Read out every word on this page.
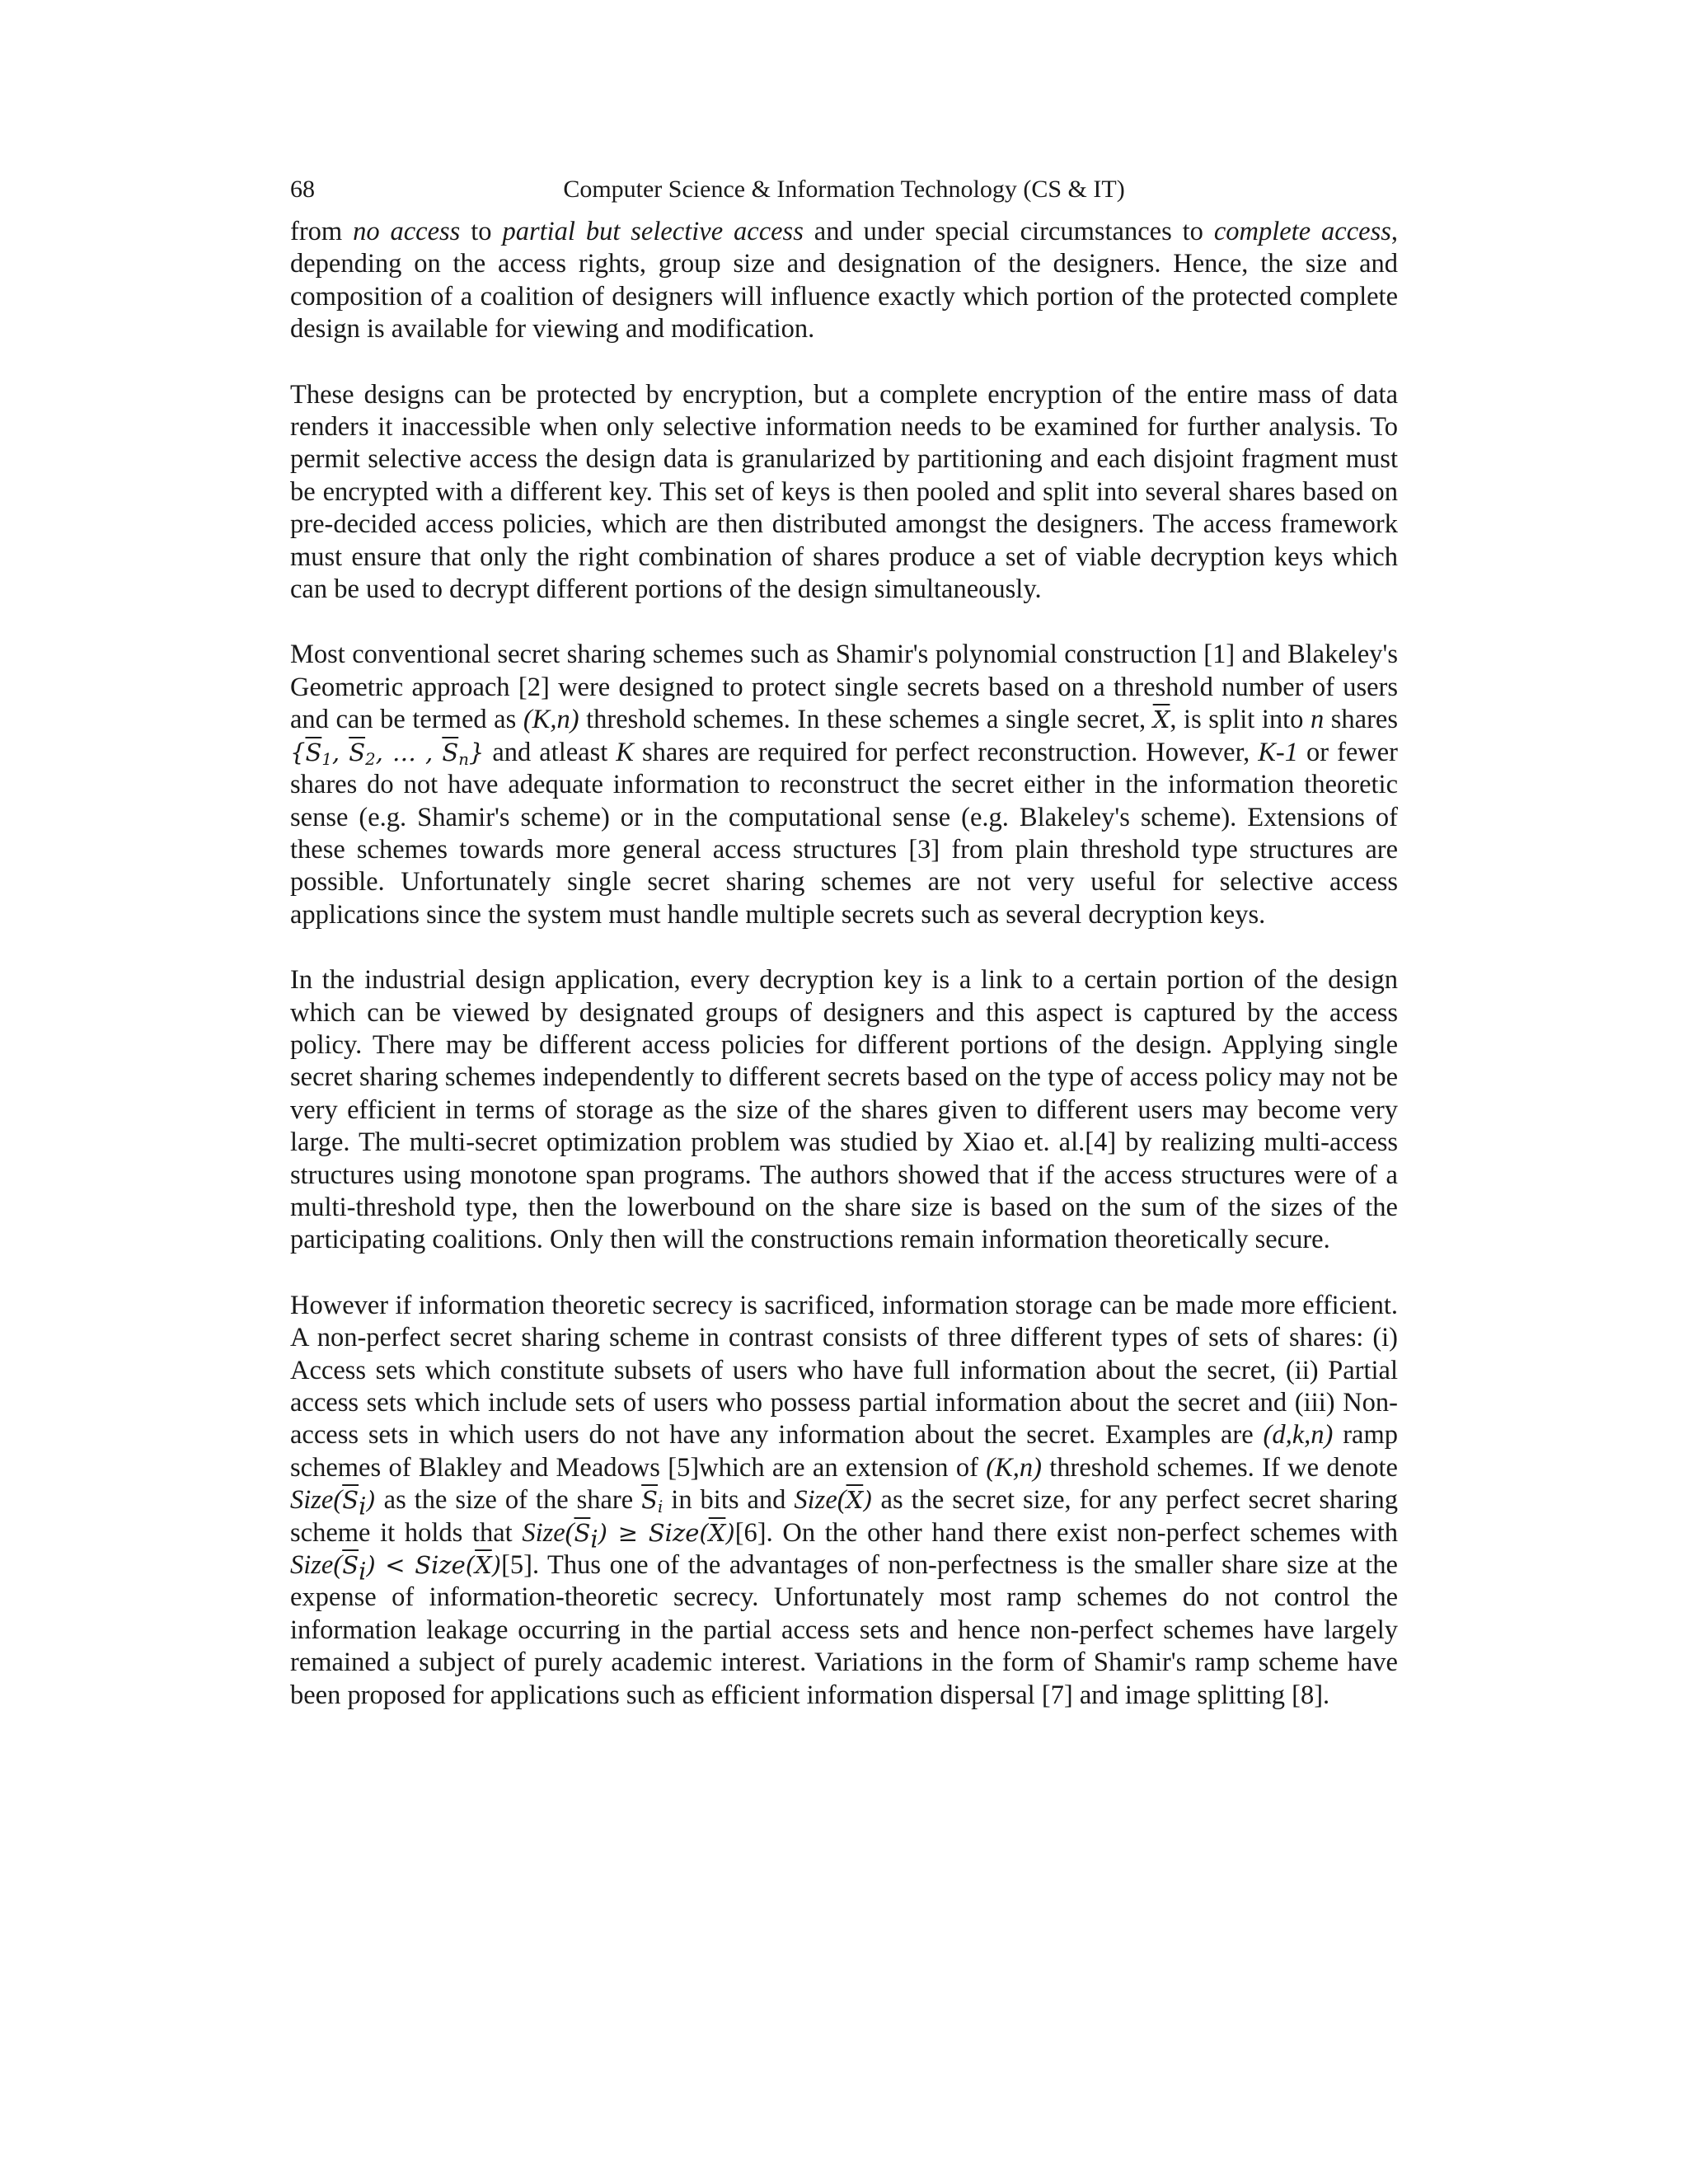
68	Computer Science & Information Technology (CS & IT)

from no access to partial but selective access and under special circumstances to complete access, depending on the access rights, group size and designation of the designers. Hence, the size and composition of a coalition of designers will influence exactly which portion of the protected complete design is available for viewing and modification.

These designs can be protected by encryption, but a complete encryption of the entire mass of data renders it inaccessible when only selective information needs to be examined for further analysis. To permit selective access the design data is granularized by partitioning and each disjoint fragment must be encrypted with a different key. This set of keys is then pooled and split into several shares based on pre-decided access policies, which are then distributed amongst the designers. The access framework must ensure that only the right combination of shares produce a set of viable decryption keys which can be used to decrypt different portions of the design simultaneously.

Most conventional secret sharing schemes such as Shamir's polynomial construction [1] and Blakeley's Geometric approach [2] were designed to protect single secrets based on a threshold number of users and can be termed as (K,n) threshold schemes. In these schemes a single secret, $\overline{X}$, is split into n shares {$\overline{S}_1$, $\overline{S}_2$, … , $\overline{S}_n$} and atleast K shares are required for perfect reconstruction. However, K-1 or fewer shares do not have adequate information to reconstruct the secret either in the information theoretic sense (e.g. Shamir's scheme) or in the computational sense (e.g. Blakeley's scheme). Extensions of these schemes towards more general access structures [3] from plain threshold type structures are possible. Unfortunately single secret sharing schemes are not very useful for selective access applications since the system must handle multiple secrets such as several decryption keys.

In the industrial design application, every decryption key is a link to a certain portion of the design which can be viewed by designated groups of designers and this aspect is captured by the access policy. There may be different access policies for different portions of the design. Applying single secret sharing schemes independently to different secrets based on the type of access policy may not be very efficient in terms of storage as the size of the shares given to different users may become very large. The multi-secret optimization problem was studied by Xiao et. al.[4] by realizing multi-access structures using monotone span programs. The authors showed that if the access structures were of a multi-threshold type, then the lowerbound on the share size is based on the sum of the sizes of the participating coalitions. Only then will the constructions remain information theoretically secure.

However if information theoretic secrecy is sacrificed, information storage can be made more efficient. A non-perfect secret sharing scheme in contrast consists of three different types of sets of shares: (i) Access sets which constitute subsets of users who have full information about the secret, (ii) Partial access sets which include sets of users who possess partial information about the secret and (iii) Non-access sets in which users do not have any information about the secret. Examples are (d,k,n) ramp schemes of Blakley and Meadows [5]which are an extension of (K,n) threshold schemes. If we denote $Size(\overline{S}_i)$ as the size of the share $\overline{S}_i$ in bits and $Size(\overline{X})$ as the secret size, for any perfect secret sharing scheme it holds that $Size(\overline{S}_i)$ ≥ $Size(\overline{X})[6]$. On the other hand there exist non-perfect schemes with $Size(\overline{S}_i)$ < $Size(\overline{X})[5]$. Thus one of the advantages of non-perfectness is the smaller share size at the expense of information-theoretic secrecy. Unfortunately most ramp schemes do not control the information leakage occurring in the partial access sets and hence non-perfect schemes have largely remained a subject of purely academic interest. Variations in the form of Shamir's ramp scheme have been proposed for applications such as efficient information dispersal [7] and image splitting [8].
